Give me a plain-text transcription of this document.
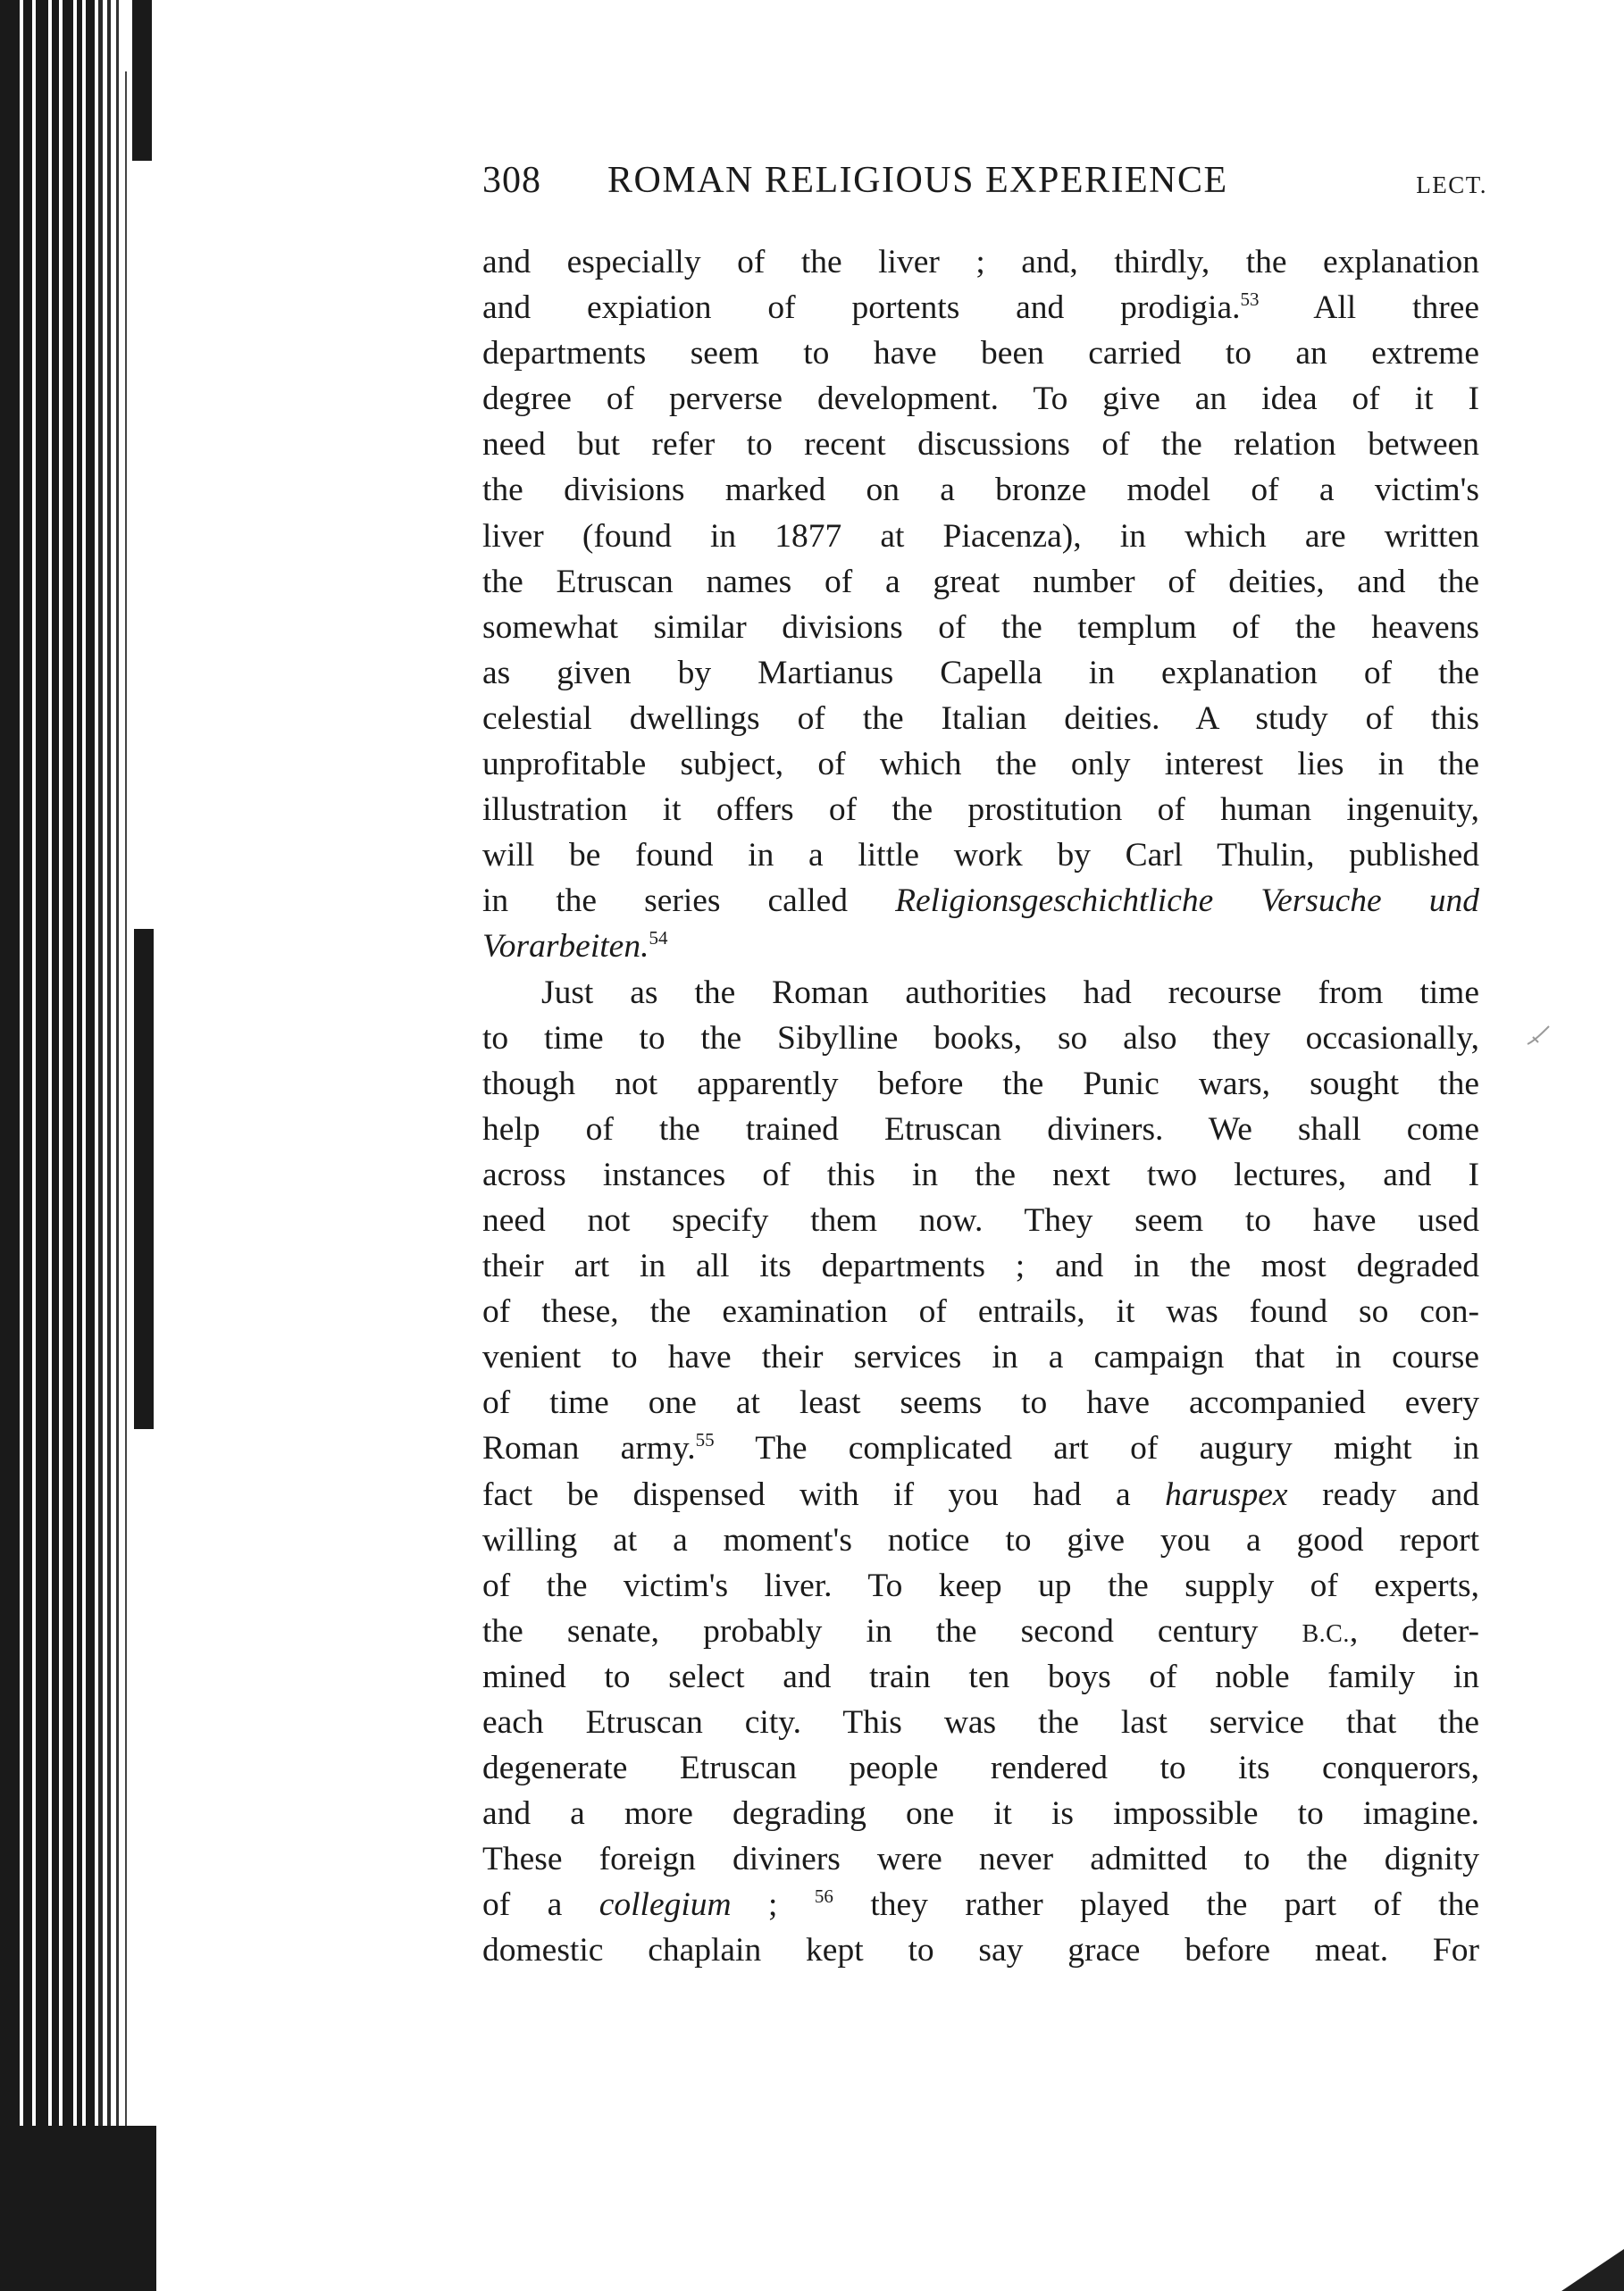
308 ROMAN RELIGIOUS EXPERIENCE	LECT.
and especially of the liver ; and, thirdly, the explanation
and expiation of portents and prodigia.$^{53}$ All three
departments seem to have been carried to an extreme
degree of perverse development. To give an idea of it I
need but refer to recent discussions of the relation between
the divisions marked on a bronze model of a victim's
liver (found in 1877 at Piacenza), in which are written
the Etruscan names of a great number of deities, and the
somewhat similar divisions of the templum of the heavens
as given by Martianus Capella in explanation of the
celestial dwellings of the Italian deities. A study of this
unprofitable subject, of which the only interest lies in the
illustration it offers of the prostitution of human ingenuity,
will be found in a little work by Carl Thulin, published
in the series called Religionsgeschichtliche Versuche und
Vorarbeiten.$^{54}$
Just as the Roman authorities had recourse from time
to time to the Sibylline books, so also they occasionally,
though not apparently before the Punic wars, sought the
help of the trained Etruscan diviners. We shall come
across instances of this in the next two lectures, and I
need not specify them now. They seem to have used
their art in all its departments ; and in the most degraded
of these, the examination of entrails, it was found so con-
venient to have their services in a campaign that in course
of time one at least seems to have accompanied every
Roman army.$^{55}$ The complicated art of augury might in
fact be dispensed with if you had a haruspex ready and
willing at a moment's notice to give you a good report
of the victim's liver. To keep up the supply of experts,
the senate, probably in the second century B.C., deter-
mined to select and train ten boys of noble family in
each Etruscan city. This was the last service that the
degenerate Etruscan people rendered to its conquerors,
and a more degrading one it is impossible to imagine.
These foreign diviners were never admitted to the dignity
of a collegium ; $^{56}$ they rather played the part of the
domestic chaplain kept to say grace before meat. For
